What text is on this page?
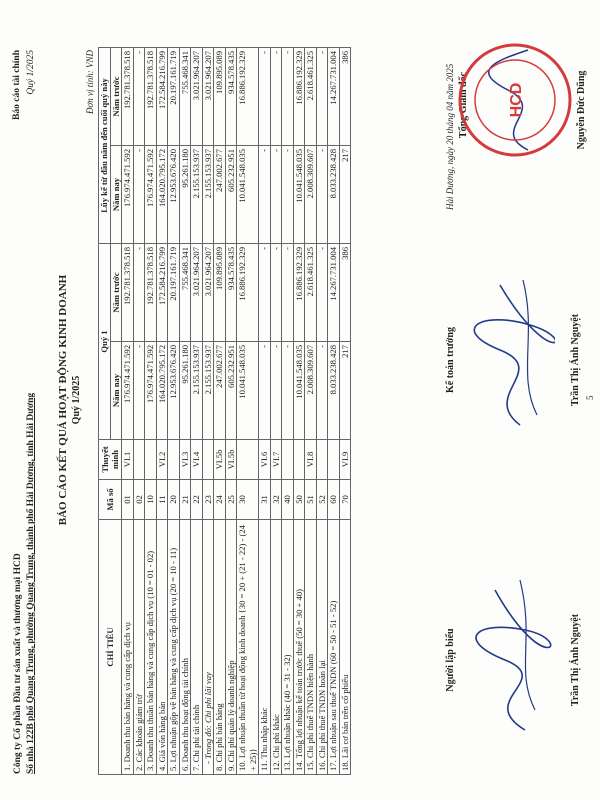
Công ty Cổ phần Đầu tư sản xuất và thương mại HCD Số nhà 122B phố Quang Trung, phường Quang Trung, thành phố Hải Dương, tỉnh Hải Dương
Báo cáo tài chính Quý 1/2025
BÁO CÁO KẾT QUẢ HOẠT ĐỘNG KINH DOANH Quý 1/2025
Đơn vị tính: VND
CHỈ TIÊU	Mã số	Thuyết minh	Quý 1		Lũy kế từ đầu năm đến cuối quý này	
			Năm nay	Năm trước	Năm nay	Năm trước
1. Doanh thu bán hàng và cung cấp dịch vụ	01	VI.1	176.974.471.592	192.781.378.518	176.974.471.592	192.781.378.518
2. Các khoản giảm trừ	02		-	-	-	-
3. Doanh thu thuần bán hàng và cung cấp dịch vụ (10 = 01 - 02)	10		176.974.471.592	192.781.378.518	176.974.471.592	192.781.378.518
4. Giá vốn hàng bán	11	VI.2	164.020.795.172	172.584.216.799	164.020.795.172	172.584.216.799
5. Lợi nhuận gộp về bán hàng và cung cấp dịch vụ (20 = 10 - 11)	20		12.953.676.420	20.197.161.719	12.953.676.420	20.197.161.719
6. Doanh thu hoạt động tài chính	21	VI.3	95.261.180	755.468.341	95.261.180	755.468.341
7. Chi phí tài chính	22	VI.4	2.155.153.937	3.021.964.207	2.155.153.937	3.021.964.207
- Trong đó: Chi phí lãi vay	23		2.155.153.937	3.021.964.207	2.155.153.937	3.021.964.207
8. Chi phí bán hàng	24	VI.5b	247.002.677	109.895.089	247.002.677	109.895.089
9. Chi phí quản lý doanh nghiệp	25	VI.5b	605.232.951	934.578.435	605.232.951	934.578.435
10. Lợi nhuận thuần từ hoạt động kinh doanh {30 = 20 + (21 - 22) - (24 + 25)}	30		10.041.548.035	16.886.192.329	10.041.548.035	16.886.192.329
11. Thu nhập khác	31	VI.6	-	-	-	-
12. Chi phí khác	32	VI.7	-	-	-	-
13. Lợi nhuận khác (40 = 31 - 32)	40		-	-	-	-
14. Tổng lợi nhuận kế toán trước thuế (50 = 30 + 40)	50		10.041.548.035	16.886.192.329	10.041.548.035	16.886.192.329
15. Chi phí thuế TNDN hiện hành	51	VI.8	2.008.309.607	2.618.461.325	2.008.309.607	2.618.461.325
16. Chi phí thuế TNDN hoãn lại	52		-	-	-	-
17. Lợi nhuận sau thuế TNDN (60 = 50 - 51 - 52)	60		8.033.238.428	14.267.731.004	8.033.238.428	14.267.731.004
18. Lãi cơ bản trên cổ phiếu	70	VI.9	217	386	217	386
Người lập biểu	Trần Thị Ánh Nguyệt
Kế toán trưởng	Trần Thị Ánh Nguyệt
Hải Dương, ngày 20 tháng 04 năm 2025 Tổng Giám đốc	Nguyễn Đức Dũng
HCD
5
